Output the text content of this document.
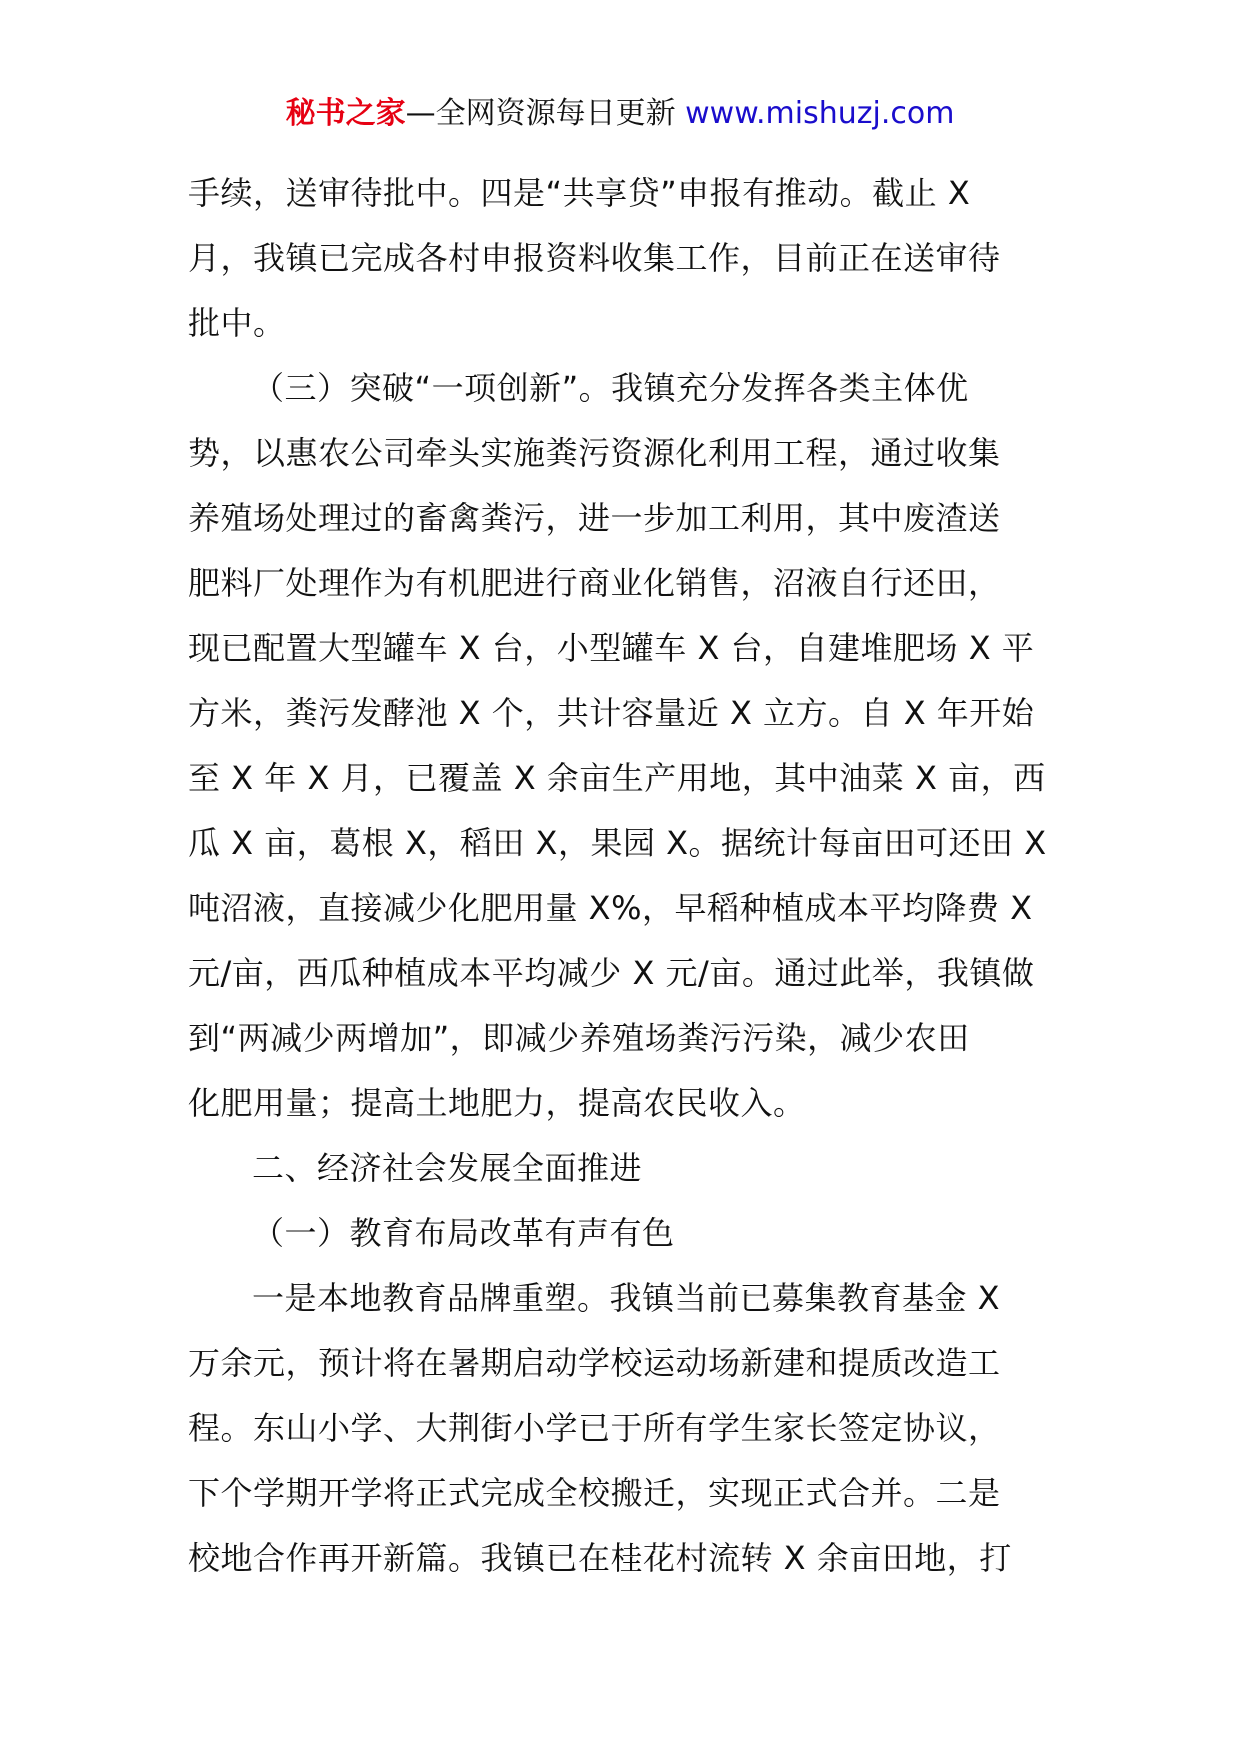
秘书之家—全网资源每日更新 www.mishuzj.com
手续，送审待批中。四是“共享贷”申报有推动。截止 X
月，我镇已完成各村申报资料收集工作，目前正在送审待
批中。
（三）突破“一项创新”。我镇充分发挥各类主体优
势，以惠农公司牵头实施粪污资源化利用工程，通过收集
养殖场处理过的畜禽粪污，进一步加工利用，其中废渣送
肥料厂处理作为有机肥进行商业化销售，沼液自行还田，
现已配置大型罐车 X 台，小型罐车 X 台，自建堆肥场 X 平
方米，粪污发酵池 X 个，共计容量近 X 立方。自 X 年开始
至 X 年 X 月，已覆盖 X 余亩生产用地，其中油菜 X 亩，西
瓜 X 亩，葛根 X，稻田 X，果园 X。据统计每亩田可还田 X
吨沼液，直接减少化肥用量 X%，早稻种植成本平均降费 X
元/亩，西瓜种植成本平均减少 X 元/亩。通过此举，我镇做
到“两减少两增加”，即减少养殖场粪污污染，减少农田
化肥用量；提高土地肥力，提高农民收入。
二、经济社会发展全面推进
（一）教育布局改革有声有色
一是本地教育品牌重塑。我镇当前已募集教育基金 X
万余元，预计将在暑期启动学校运动场新建和提质改造工
程。东山小学、大荆街小学已于所有学生家长签定协议，
下个学期开学将正式完成全校搬迁，实现正式合并。二是
校地合作再开新篇。我镇已在桂花村流转 X 余亩田地，打
